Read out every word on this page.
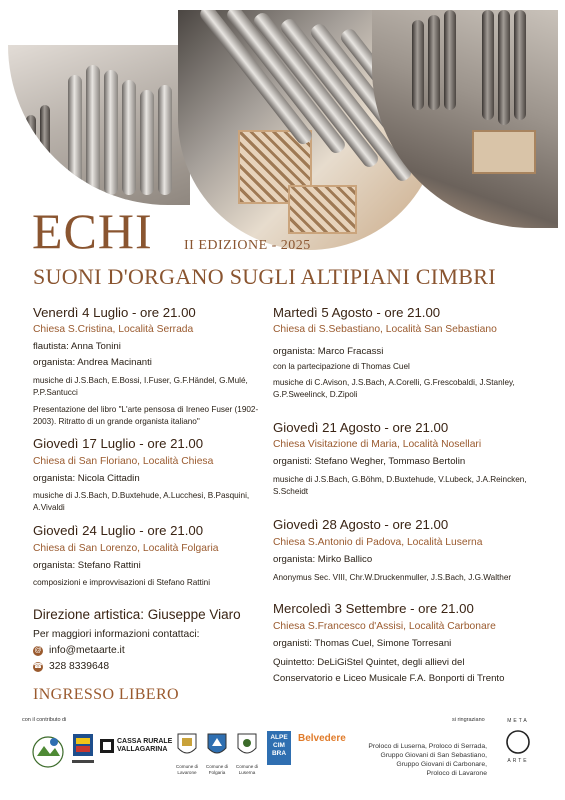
ECHI II EDIZIONE - 2025
SUONI D'ORGANO SUGLI ALTIPIANI CIMBRI
Venerdì 4 Luglio - ore 21.00
Chiesa S.Cristina, Località Serrada
flautista: Anna Tonini
organista: Andrea Macinanti
musiche di J.S.Bach, E.Bossi, I.Fuser, G.F.Händel, G.Mulé, P.P.Santucci
Presentazione del libro "L'arte pensosa di Ireneo Fuser (1902-2003). Ritratto di un grande organista italiano"
Giovedì 17 Luglio - ore 21.00
Chiesa di San Floriano, Località Chiesa
organista: Nicola Cittadin
musiche di J.S.Bach, D.Buxtehude, A.Lucchesi, B.Pasquini, A.Vivaldi
Giovedì 24 Luglio - ore 21.00
Chiesa di San Lorenzo, Località Folgaria
organista: Stefano Rattini
composizioni e improvvisazioni di Stefano Rattini
Martedì 5 Agosto - ore 21.00
Chiesa di S.Sebastiano, Località San Sebastiano
organista: Marco Fracassi
con la partecipazione di Thomas Cuel
musiche di C.Avison, J.S.Bach, A.Corelli, G.Frescobaldi, J.Stanley, G.P.Sweelinck, D.Zipoli
Giovedì 21 Agosto - ore 21.00
Chiesa Visitazione di Maria, Località Nosellari
organisti: Stefano Wegher, Tommaso Bertolin
musiche di J.S.Bach, G.Böhm, D.Buxtehude, V.Lubeck, J.A.Reincken, S.Scheidt
Giovedì 28 Agosto - ore 21.00
Chiesa S.Antonio di Padova, Località Luserna
organista: Mirko Ballico
Anonymus Sec. VIII, Chr.W.Druckenmuller, J.S.Bach, J.G.Walther
Mercoledì 3 Settembre - ore 21.00
Chiesa S.Francesco d'Assisi, Località Carbonare
organisti: Thomas Cuel, Simone Torresani
Quintetto: DeLiGiStel Quintet, degli allievi del
Conservatorio e Liceo Musicale F.A. Bonporti di Trento
Direzione artistica: Giuseppe Viaro
Per maggiori informazioni contattaci:
@ info@metaarte.it
☎ 328 8339648
INGRESSO LIBERO
con il contributo di	si ringraziano
CASSA RURALE
VALLAGARINA
Comune di Lavarone
Comune di Folgaria
Comune di Luserna
ALPE
CIM
BRA
Belvedere
Proloco di Luserna, Proloco di Serrada,
Gruppo Giovani di San Sebastiano,
Gruppo Giovani di Carbonare,
Proloco di Lavarone
META
ARTE
